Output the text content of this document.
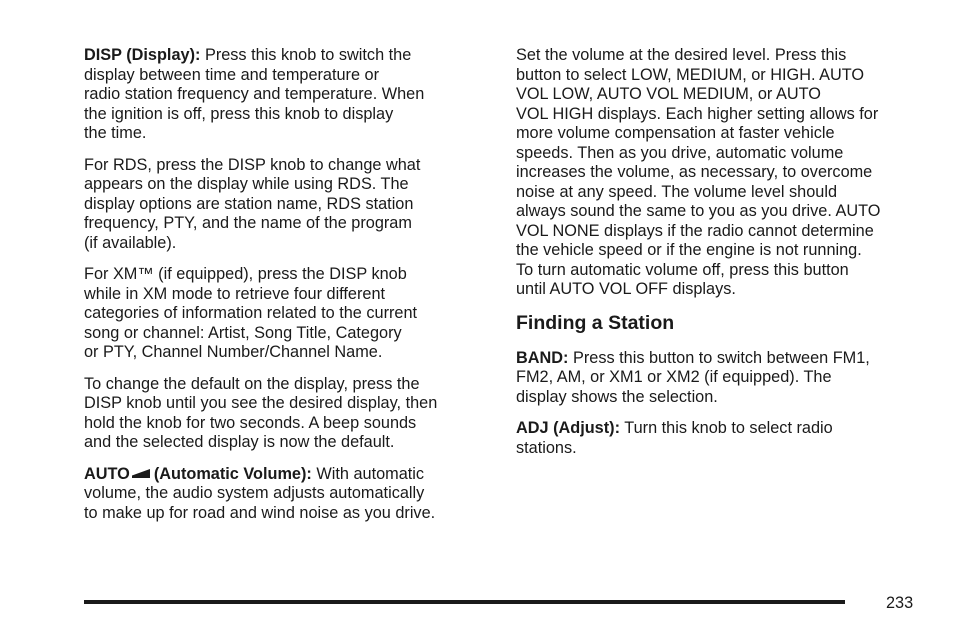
DISP (Display): Press this knob to switch the
display between time and temperature or
radio station frequency and temperature. When
the ignition is off, press this knob to display
the time.

For RDS, press the DISP knob to change what
appears on the display while using RDS. The
display options are station name, RDS station
frequency, PTY, and the name of the program
(if available).

For XM™ (if equipped), press the DISP knob
while in XM mode to retrieve four different
categories of information related to the current
song or channel: Artist, Song Title, Category
or PTY, Channel Number/Channel Name.

To change the default on the display, press the
DISP knob until you see the desired display, then
hold the knob for two seconds. A beep sounds
and the selected display is now the default.

AUTO (Automatic Volume): With automatic
volume, the audio system adjusts automatically
to make up for road and wind noise as you drive.

Set the volume at the desired level. Press this
button to select LOW, MEDIUM, or HIGH. AUTO
VOL LOW, AUTO VOL MEDIUM, or AUTO
VOL HIGH displays. Each higher setting allows for
more volume compensation at faster vehicle
speeds. Then as you drive, automatic volume
increases the volume, as necessary, to overcome
noise at any speed. The volume level should
always sound the same to you as you drive. AUTO
VOL NONE displays if the radio cannot determine
the vehicle speed or if the engine is not running.
To turn automatic volume off, press this button
until AUTO VOL OFF displays.

Finding a Station

BAND: Press this button to switch between FM1,
FM2, AM, or XM1 or XM2 (if equipped). The
display shows the selection.

ADJ (Adjust): Turn this knob to select radio
stations.

233
